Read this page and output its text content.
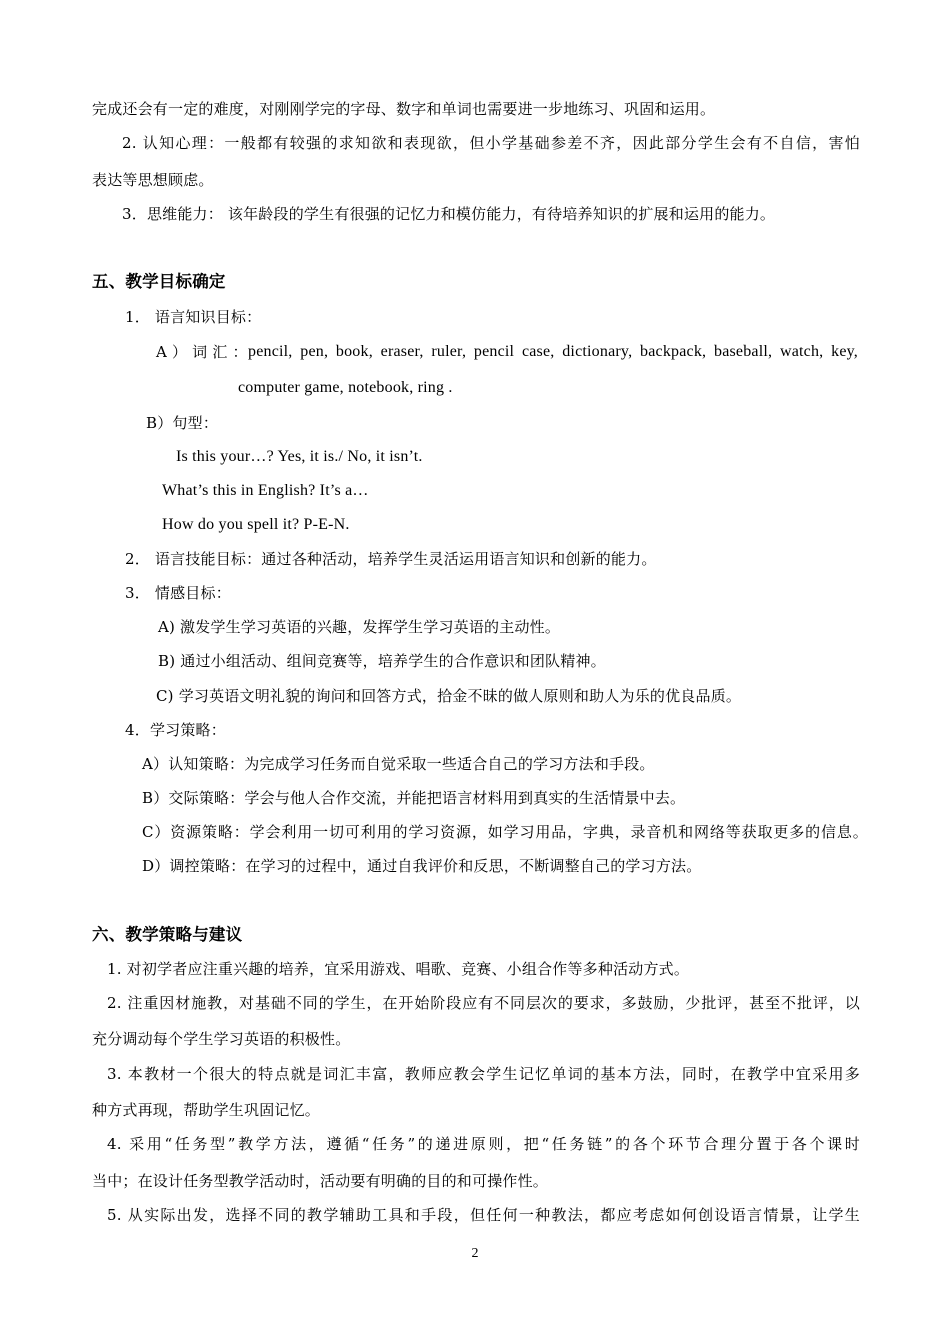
完成还会有一定的难度，对刚刚学完的字母、数字和单词也需要进一步地练习、巩固和运用。
2. 认知心理：一般都有较强的求知欲和表现欲，但小学基础参差不齐，因此部分学生会有不自信，害怕
表达等思想顾虑。
3．思维能力： 该年龄段的学生有很强的记忆力和模仿能力，有待培养知识的扩展和运用的能力。
五、教学目标确定
1． 语言知识目标：
A ） 词 汇 ： pencil, pen, book, eraser, ruler, pencil case, dictionary, backpack, baseball, watch, key,
computer game, notebook, ring .
B）句型：
Is this your…? Yes, it is./ No, it isn’t.
What’s this in English? It’s a…
How do you spell it? P-E-N.
2． 语言技能目标：通过各种活动，培养学生灵活运用语言知识和创新的能力。
3． 情感目标：
A) 激发学生学习英语的兴趣，发挥学生学习英语的主动性。
B) 通过小组活动、组间竞赛等，培养学生的合作意识和团队精神。
C) 学习英语文明礼貌的询问和回答方式，拾金不昧的做人原则和助人为乐的优良品质。
4．学习策略：
A）认知策略：为完成学习任务而自觉采取一些适合自己的学习方法和手段。
B）交际策略：学会与他人合作交流，并能把语言材料用到真实的生活情景中去。
C）资源策略：学会利用一切可利用的学习资源，如学习用品，字典，录音机和网络等获取更多的信息。
D）调控策略：在学习的过程中，通过自我评价和反思，不断调整自己的学习方法。
六、教学策略与建议
1. 对初学者应注重兴趣的培养，宜采用游戏、唱歌、竞赛、小组合作等多种活动方式。
2. 注重因材施教，对基础不同的学生，在开始阶段应有不同层次的要求，多鼓励，少批评，甚至不批评，以
充分调动每个学生学习英语的积极性。
3. 本教材一个很大的特点就是词汇丰富，教师应教会学生记忆单词的基本方法，同时，在教学中宜采用多
种方式再现，帮助学生巩固记忆。
4. 采用“任务型”教学方法，遵循“任务”的递进原则，把“任务链”的各个环节合理分置于各个课时
当中；在设计任务型教学活动时，活动要有明确的目的和可操作性。
5. 从实际出发，选择不同的教学辅助工具和手段，但任何一种教法，都应考虑如何创设语言情景，让学生
2
